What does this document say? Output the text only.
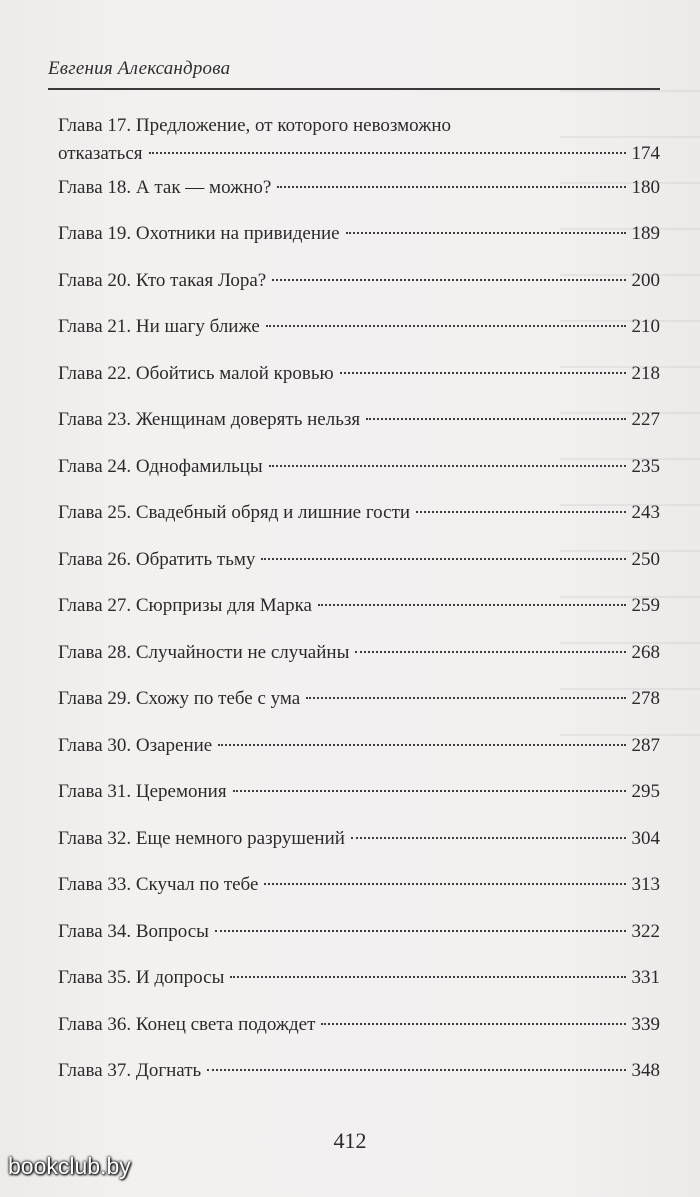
Евгения Александрова
Глава 17. Предложение, от которого невозможно
отказаться	174
Глава 18. А так — можно?	180
Глава 19. Охотники на привидение	189
Глава 20. Кто такая Лора?	200
Глава 21. Ни шагу ближе	210
Глава 22. Обойтись малой кровью	218
Глава 23. Женщинам доверять нельзя	227
Глава 24. Однофамильцы	235
Глава 25. Свадебный обряд и лишние гости	243
Глава 26. Обратить тьму	250
Глава 27. Сюрпризы для Марка	259
Глава 28. Случайности не случайны	268
Глава 29. Схожу по тебе с ума	278
Глава 30. Озарение	287
Глава 31. Церемония	295
Глава 32. Еще немного разрушений	304
Глава 33. Скучал по тебе	313
Глава 34. Вопросы	322
Глава 35. И допросы	331
Глава 36. Конец света подождет	339
Глава 37. Догнать	348
412
bookclub.by
